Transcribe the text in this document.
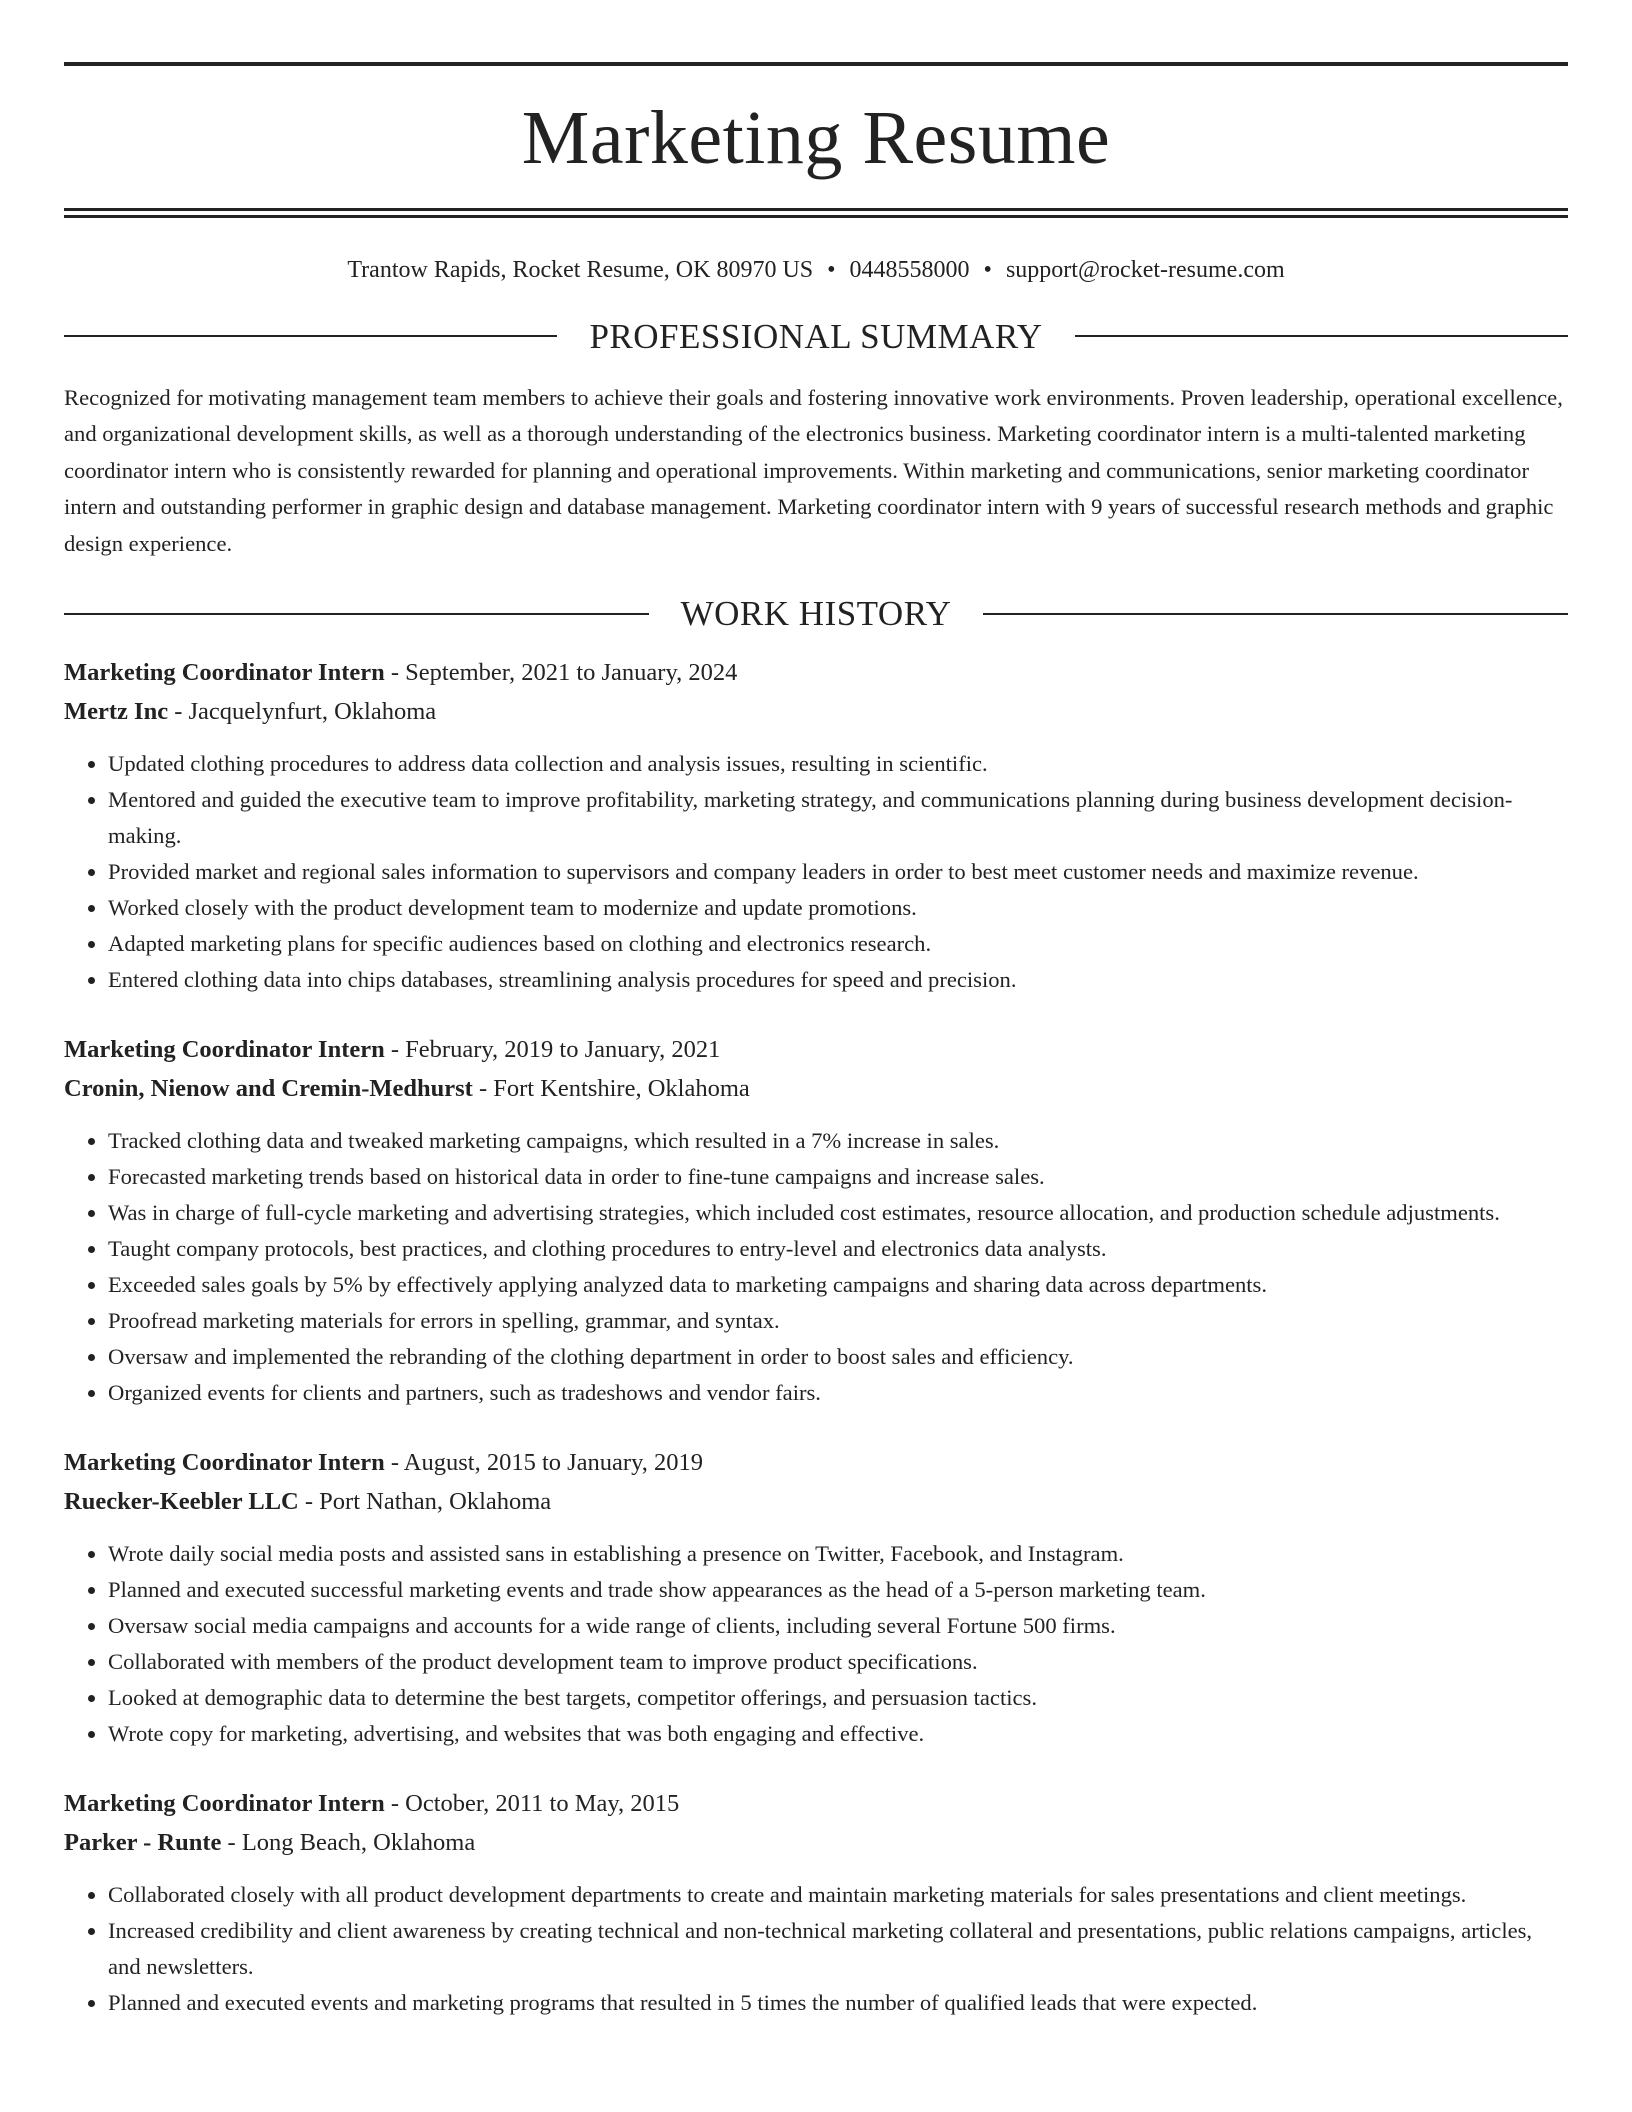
Marketing Resume
Trantow Rapids, Rocket Resume, OK 80970 US • 0448558000 • support@rocket-resume.com
PROFESSIONAL SUMMARY

Recognized for motivating management team members to achieve their goals and fostering innovative work environments. Proven leadership, operational excellence, and organizational development skills, as well as a thorough understanding of the electronics business. Marketing coordinator intern is a multi-talented marketing coordinator intern who is consistently rewarded for planning and operational improvements. Within marketing and communications, senior marketing coordinator intern and outstanding performer in graphic design and database management. Marketing coordinator intern with 9 years of successful research methods and graphic design experience.

WORK HISTORY
Marketing Coordinator Intern - September, 2021 to January, 2024
Mertz Inc - Jacquelynfurt, Oklahoma
• Updated clothing procedures to address data collection and analysis issues, resulting in scientific.
• Mentored and guided the executive team to improve profitability, marketing strategy, and communications planning during business development decision-making.
• Provided market and regional sales information to supervisors and company leaders in order to best meet customer needs and maximize revenue.
• Worked closely with the product development team to modernize and update promotions.
• Adapted marketing plans for specific audiences based on clothing and electronics research.
• Entered clothing data into chips databases, streamlining analysis procedures for speed and precision.
Marketing Coordinator Intern - February, 2019 to January, 2021
Cronin, Nienow and Cremin-Medhurst - Fort Kentshire, Oklahoma
• Tracked clothing data and tweaked marketing campaigns, which resulted in a 7% increase in sales.
• Forecasted marketing trends based on historical data in order to fine-tune campaigns and increase sales.
• Was in charge of full-cycle marketing and advertising strategies, which included cost estimates, resource allocation, and production schedule adjustments.
• Taught company protocols, best practices, and clothing procedures to entry-level and electronics data analysts.
• Exceeded sales goals by 5% by effectively applying analyzed data to marketing campaigns and sharing data across departments.
• Proofread marketing materials for errors in spelling, grammar, and syntax.
• Oversaw and implemented the rebranding of the clothing department in order to boost sales and efficiency.
• Organized events for clients and partners, such as tradeshows and vendor fairs.
Marketing Coordinator Intern - August, 2015 to January, 2019
Ruecker-Keebler LLC - Port Nathan, Oklahoma
• Wrote daily social media posts and assisted sans in establishing a presence on Twitter, Facebook, and Instagram.
• Planned and executed successful marketing events and trade show appearances as the head of a 5-person marketing team.
• Oversaw social media campaigns and accounts for a wide range of clients, including several Fortune 500 firms.
• Collaborated with members of the product development team to improve product specifications.
• Looked at demographic data to determine the best targets, competitor offerings, and persuasion tactics.
• Wrote copy for marketing, advertising, and websites that was both engaging and effective.
Marketing Coordinator Intern - October, 2011 to May, 2015
Parker - Runte - Long Beach, Oklahoma
• Collaborated closely with all product development departments to create and maintain marketing materials for sales presentations and client meetings.
• Increased credibility and client awareness by creating technical and non-technical marketing collateral and presentations, public relations campaigns, articles, and newsletters.
• Planned and executed events and marketing programs that resulted in 5 times the number of qualified leads that were expected.
